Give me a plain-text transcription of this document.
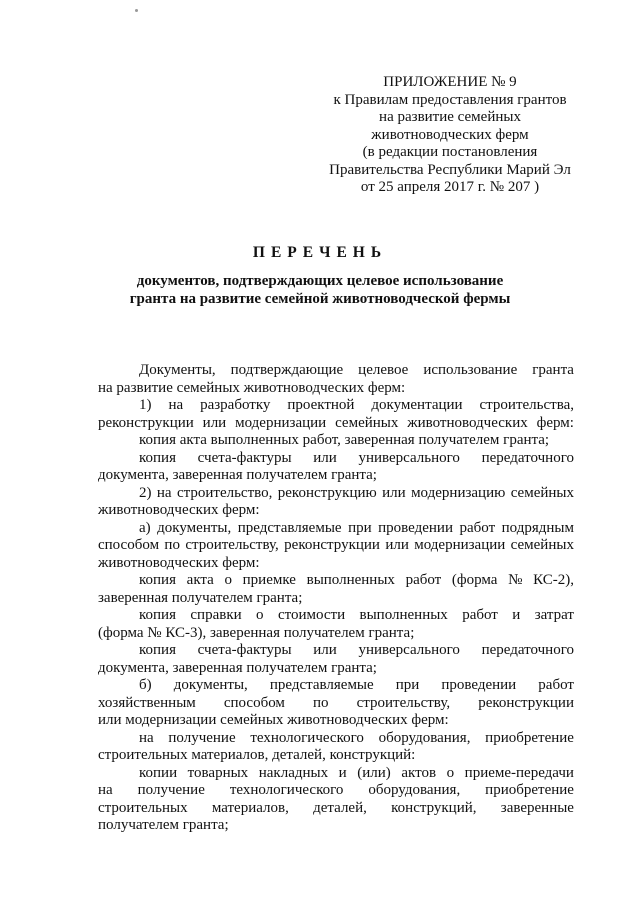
ПРИЛОЖЕНИЕ № 9
к Правилам предоставления грантов
на развитие семейных
животноводческих ферм
(в редакции постановления
Правительства Республики Марий Эл
от 25 апреля 2017 г. № 207 )
ПЕРЕЧЕНЬ
документов, подтверждающих целевое использование
гранта на развитие семейной животноводческой фермы
Документы, подтверждающие целевое использование гранта
на развитие семейных животноводческих ферм:
1) на разработку проектной документации строительства,
реконструкции или модернизации семейных животноводческих ферм:
копия акта выполненных работ, заверенная получателем гранта;
копия счета-фактуры или универсального передаточного
документа, заверенная получателем гранта;
2) на строительство, реконструкцию или модернизацию семейных
животноводческих ферм:
а) документы, представляемые при проведении работ подрядным
способом по строительству, реконструкции или модернизации семейных
животноводческих ферм:
копия акта о приемке выполненных работ (форма № КС-2),
заверенная получателем гранта;
копия справки о стоимости выполненных работ и затрат
(форма № КС-3), заверенная получателем гранта;
копия счета-фактуры или универсального передаточного
документа, заверенная получателем гранта;
б) документы, представляемые при проведении работ
хозяйственным способом по строительству, реконструкции
или модернизации семейных животноводческих ферм:
на получение технологического оборудования, приобретение
строительных материалов, деталей, конструкций:
копии товарных накладных и (или) актов о приеме-передачи
на получение технологического оборудования, приобретение
строительных материалов, деталей, конструкций, заверенные
получателем гранта;
